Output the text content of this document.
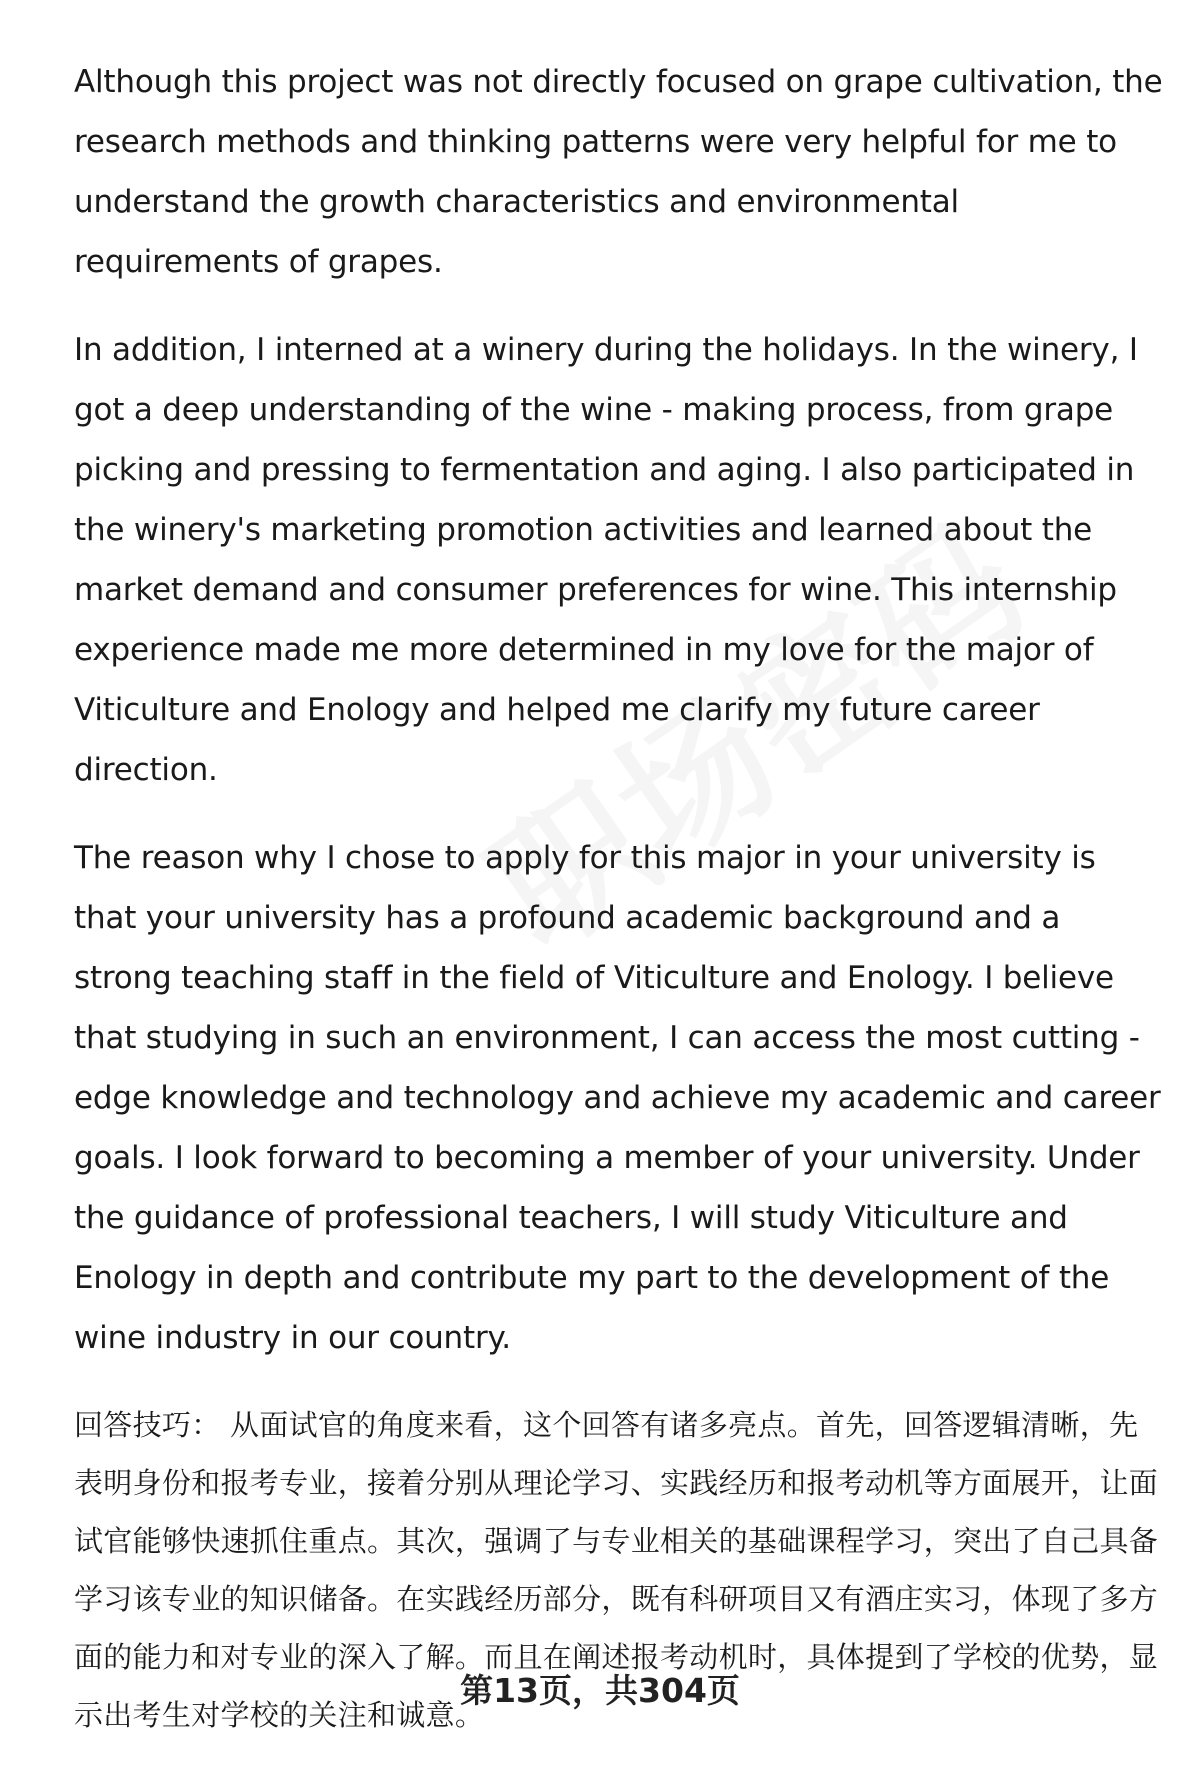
Although this project was not directly focused on grape cultivation, the research methods and thinking patterns were very helpful for me to understand the growth characteristics and environmental requirements of grapes.

In addition, I interned at a winery during the holidays. In the winery, I got a deep understanding of the wine - making process, from grape picking and pressing to fermentation and aging. I also participated in the winery's marketing promotion activities and learned about the market demand and consumer preferences for wine. This internship experience made me more determined in my love for the major of Viticulture and Enology and helped me clarify my future career direction.

The reason why I chose to apply for this major in your university is that your university has a profound academic background and a strong teaching staff in the field of Viticulture and Enology. I believe that studying in such an environment, I can access the most cutting - edge knowledge and technology and achieve my academic and career goals. I look forward to becoming a member of your university. Under the guidance of professional teachers, I will study Viticulture and Enology in depth and contribute my part to the development of the wine industry in our country.

回答技巧： 从面试官的角度来看，这个回答有诸多亮点。首先，回答逻辑清晰，先表明身份和报考专业，接着分别从理论学习、实践经历和报考动机等方面展开，让面试官能够快速抓住重点。其次，强调了与专业相关的基础课程学习，突出了自己具备学习该专业的知识储备。在实践经历部分，既有科研项目又有酒庄实习，体现了多方面的能力和对专业的深入了解。而且在阐述报考动机时，具体提到了学校的优势，显示出考生对学校的关注和诚意。

第13页，共304页
